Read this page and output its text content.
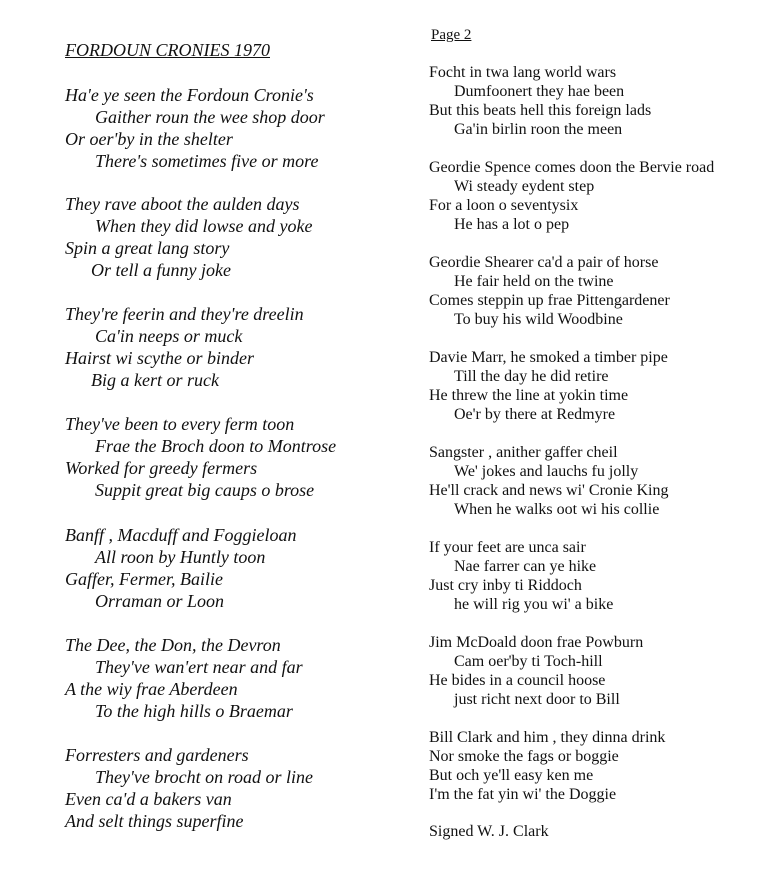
FORDOUN CRONIES 1970
Page 2
Ha'e ye seen the Fordoun Cronie's
Gaither roun the wee shop door
Or oer'by in the shelter
There's sometimes five or more
They rave aboot the aulden days
When they did lowse and yoke
Spin a great lang story
Or tell a funny joke
They're feerin and they're dreelin
Ca'in neeps or muck
Hairst wi scythe or binder
Big a kert or ruck
They've been to every ferm toon
Frae the Broch doon to Montrose
Worked for greedy fermers
Suppit great big caups o brose
Banff , Macduff and Foggieloan
All roon by Huntly toon
Gaffer, Fermer, Bailie
Orraman or Loon
The Dee, the Don, the Devron
They've wan'ert near and far
A the wiy frae Aberdeen
To the high hills o Braemar
Forresters and gardeners
They've brocht on road or line
Even ca'd a bakers van
And selt things superfine
Focht in twa lang world wars
Dumfoonert they hae been
But this beats hell this foreign lads
Ga'in birlin roon the meen
Geordie Spence comes doon the Bervie road
Wi steady eydent step
For a loon o seventysix
He has a lot o pep
Geordie Shearer ca'd a pair of horse
He fair held on the twine
Comes steppin up frae Pittengardener
To buy his wild Woodbine
Davie Marr, he smoked a timber pipe
Till the day he did retire
He threw the line at yokin time
Oe'r by there at Redmyre
Sangster , anither gaffer cheil
We' jokes and lauchs fu jolly
He'll crack and news wi' Cronie King
When he walks oot wi his collie
If your feet are unca sair
Nae farrer can ye hike
Just cry inby ti Riddoch
he will rig you wi' a bike
Jim McDoald doon frae Powburn
Cam oer'by ti Toch-hill
He bides in a council hoose
just richt next door to Bill
Bill Clark and him , they dinna drink
Nor smoke the fags or boggie
But och ye'll easy ken me
I'm the fat yin wi' the Doggie
Signed W. J. Clark
